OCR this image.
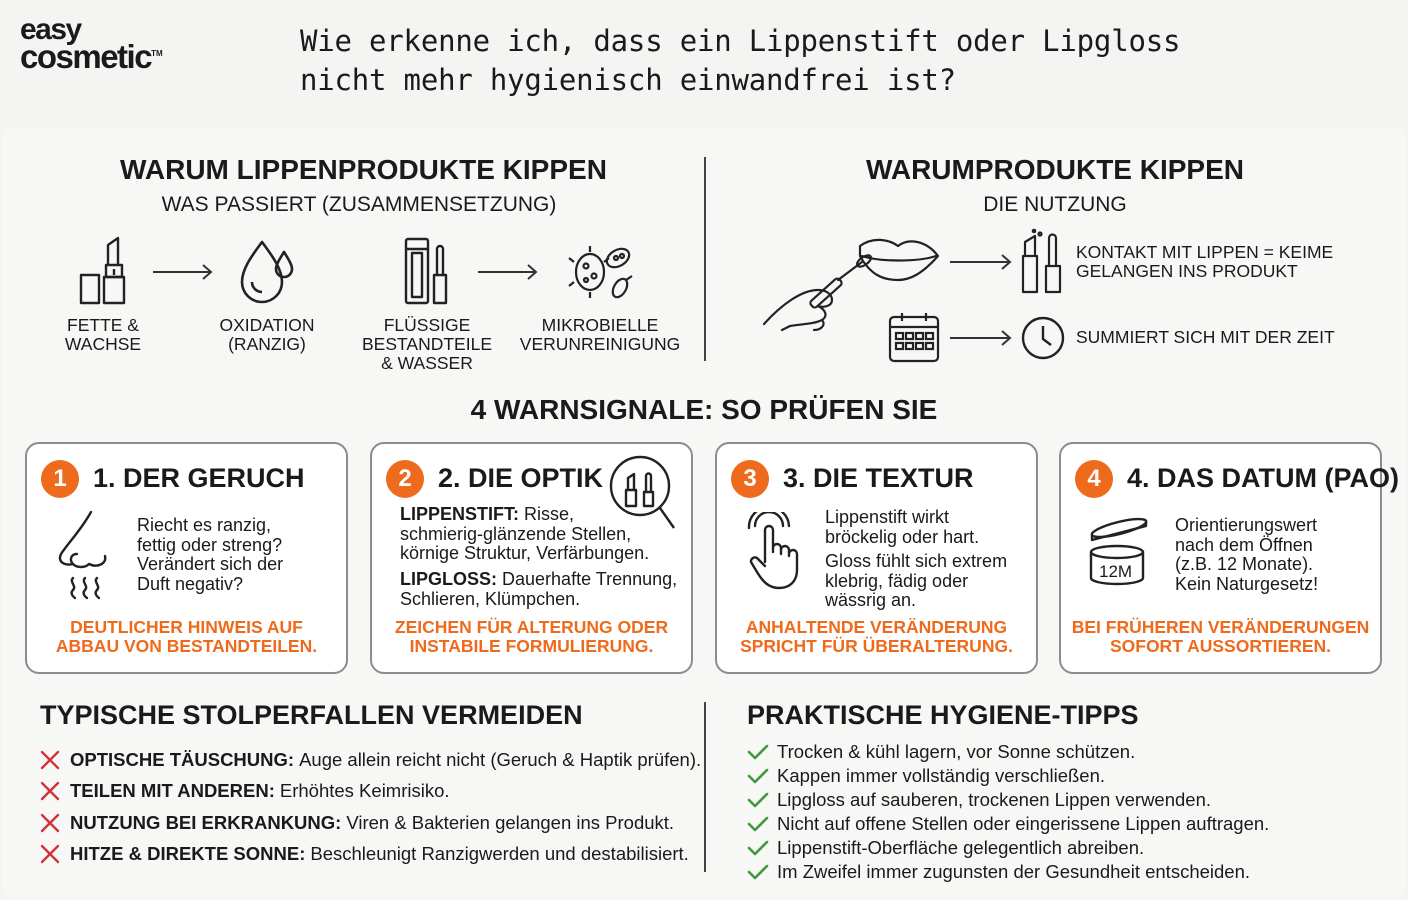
easy
cosmetic™	Wie erkenne ich, dass ein Lippenstift oder Lipgloss nicht mehr hygienisch einwandfrei ist?
WARUM LIPPENPRODUKTE KIPPEN
WAS PASSIERT (ZUSAMMENSETZUNG)
FETTE &
WACHSE
OXIDATION
(RANZIG)
FLÜSSIGE
BESTANDTEILE
& WASSER
MIKROBIELLE
VERUNREINIGUNG
WARUMPRODUKTE KIPPEN
DIE NUTZUNG
KONTAKT MIT LIPPEN = KEIME
GELANGEN INS PRODUKT
SUMMIERT SICH MIT DER ZEIT
4 WARNSIGNALE: SO PRÜFEN SIE
1 1. DER GERUCH
Riecht es ranzig,
fettig oder streng?
Verändert sich der
Duft negativ?
DEUTLICHER HINWEIS AUF
ABBAU VON BESTANDTEILEN.
2 2. DIE OPTIK
LIPPENSTIFT: Risse,
schmierig-glänzende Stellen,
körnige Struktur, Verfärbungen.
LIPGLOSS: Dauerhafte Trennung,
Schlieren, Klümpchen.
ZEICHEN FÜR ALTERUNG ODER
INSTABILE FORMULIERUNG.
3 3. DIE TEXTUR
Lippenstift wirkt
bröckelig oder hart.
Gloss fühlt sich extrem
klebrig, fädig oder
wässrig an.
ANHALTENDE VERÄNDERUNG
SPRICHT FÜR ÜBERALTERUNG.
4 4. DAS DATUM (PAO)
12M
Orientierungswert
nach dem Öffnen
(z.B. 12 Monate).
Kein Naturgesetz!
BEI FRÜHEREN VERÄNDERUNGEN
SOFORT AUSSORTIEREN.
TYPISCHE STOLPERFALLEN VERMEIDEN
OPTISCHE TÄUSCHUNG: Auge allein reicht nicht (Geruch & Haptik prüfen).
TEILEN MIT ANDEREN: Erhöhtes Keimrisiko.
NUTZUNG BEI ERKRANKUNG: Viren & Bakterien gelangen ins Produkt.
HITZE & DIREKTE SONNE: Beschleunigt Ranzigwerden und destabilisiert.
PRAKTISCHE HYGIENE-TIPPS
Trocken & kühl lagern, vor Sonne schützen.
Kappen immer vollständig verschließen.
Lipgloss auf sauberen, trockenen Lippen verwenden.
Nicht auf offene Stellen oder eingerissene Lippen auftragen.
Lippenstift-Oberfläche gelegentlich abreiben.
Im Zweifel immer zugunsten der Gesundheit entscheiden.
